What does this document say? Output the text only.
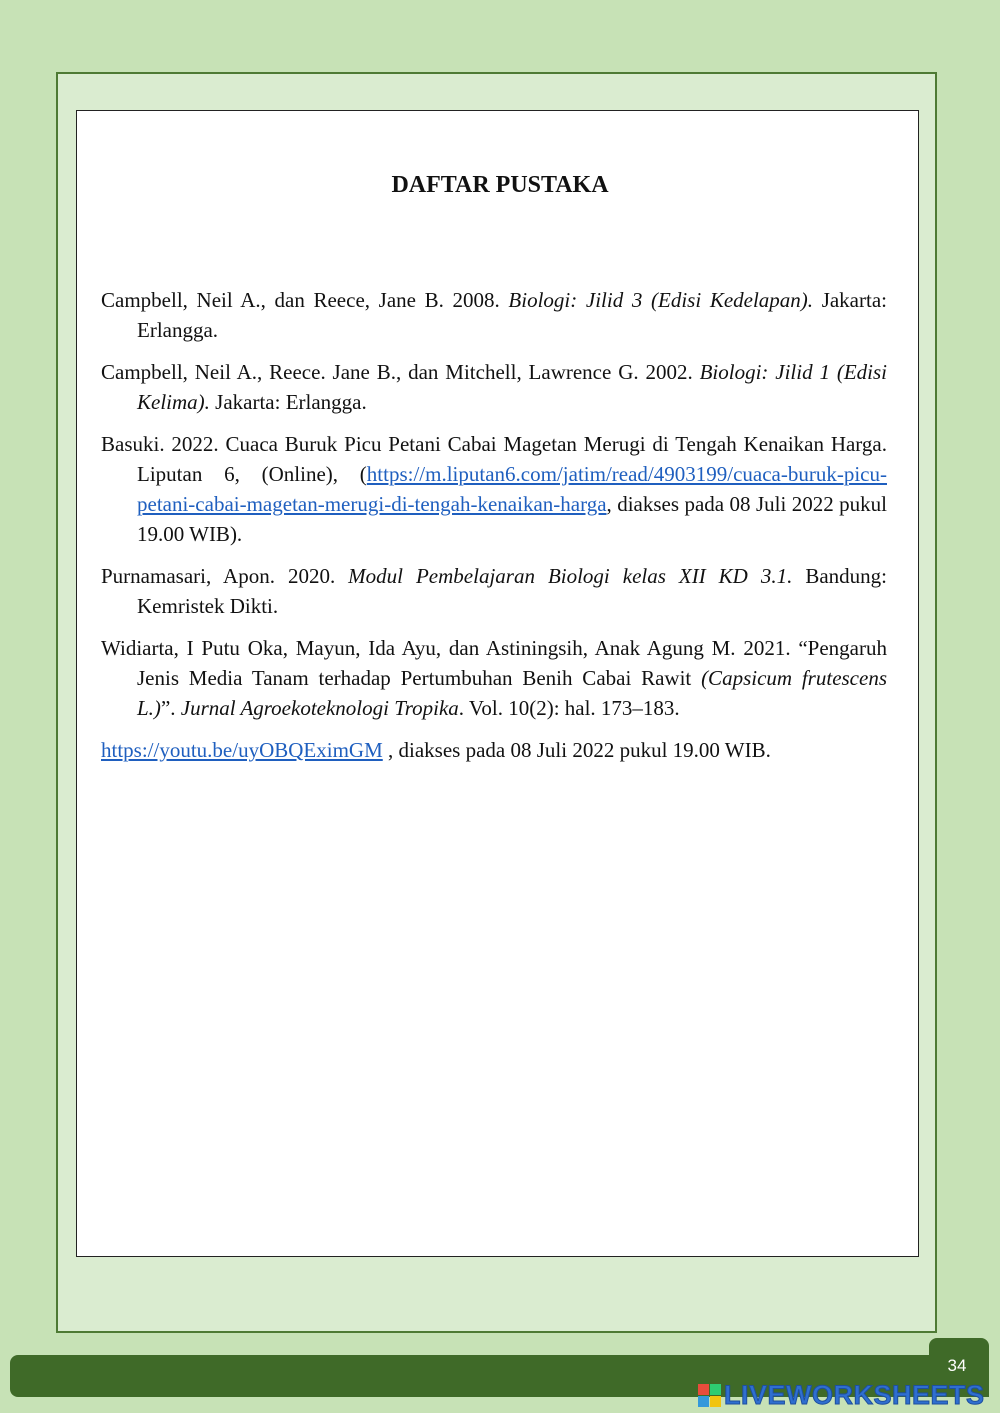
DAFTAR PUSTAKA

Campbell, Neil A., dan Reece, Jane B. 2008. Biologi: Jilid 3 (Edisi Kedelapan). Jakarta: Erlangga.

Campbell, Neil A., Reece. Jane B., dan Mitchell, Lawrence G. 2002. Biologi: Jilid 1 (Edisi Kelima). Jakarta: Erlangga.

Basuki. 2022. Cuaca Buruk Picu Petani Cabai Magetan Merugi di Tengah Kenaikan Harga. Liputan 6, (Online), (https://m.liputan6.com/jatim/read/4903199/cuaca-buruk-picu-petani-cabai-magetan-merugi-di-tengah-kenaikan-harga, diakses pada 08 Juli 2022 pukul 19.00 WIB).

Purnamasari, Apon. 2020. Modul Pembelajaran Biologi kelas XII KD 3.1. Bandung: Kemristek Dikti.

Widiarta, I Putu Oka, Mayun, Ida Ayu, dan Astiningsih, Anak Agung M. 2021. “Pengaruh Jenis Media Tanam terhadap Pertumbuhan Benih Cabai Rawit (Capsicum frutescens L.)”. Jurnal Agroekoteknologi Tropika. Vol. 10(2): hal. 173–183.

https://youtu.be/uyOBQEximGM , diakses pada 08 Juli 2022 pukul 19.00 WIB.

34
LIVEWORKSHEETS
